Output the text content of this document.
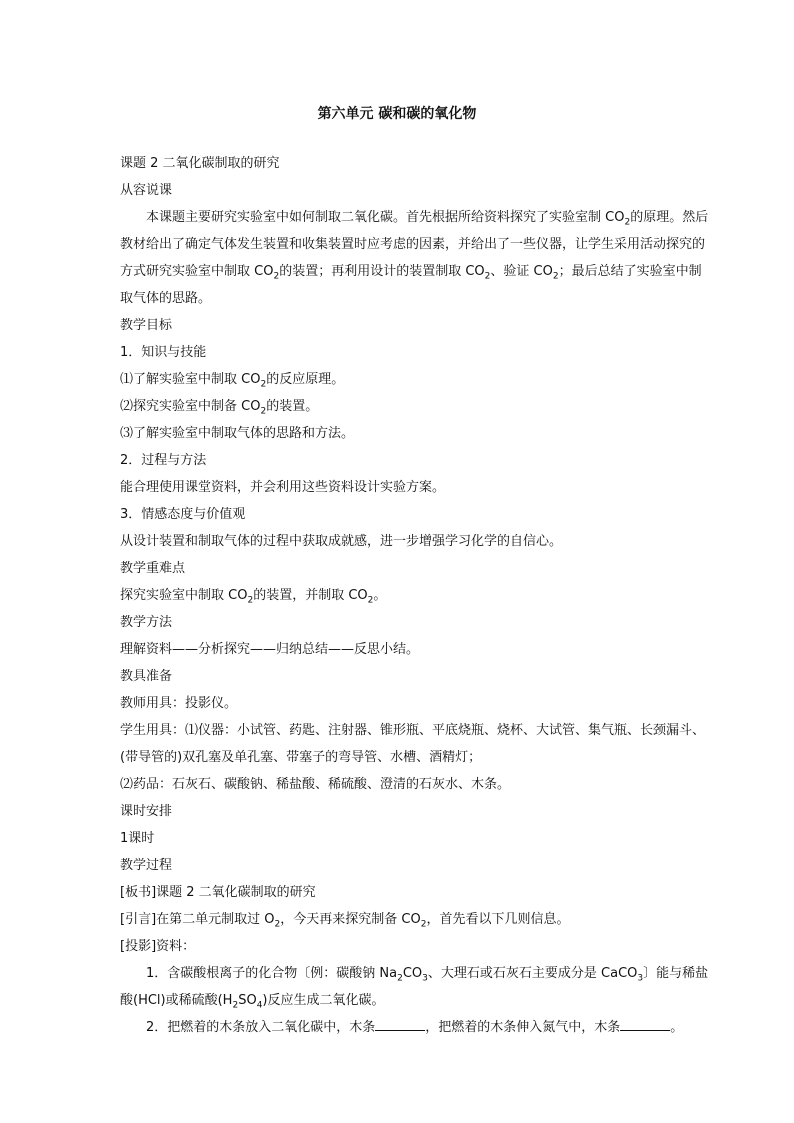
第六单元 碳和碳的氧化物

课题 2 二氧化碳制取的研究

从容说课

本课题主要研究实验室中如何制取二氧化碳。首先根据所给资料探究了实验室制 $CO_2$的原理。然后教材给出了确定气体发生装置和收集装置时应考虑的因素，并给出了一些仪器，让学生采用活动探究的方式研究实验室中制取 $CO_2$的装置；再利用设计的装置制取 $CO_2$、验证 $CO_2$；最后总结了实验室中制取气体的思路。

教学目标

1．知识与技能

⑴了解实验室中制取 $CO_2$的反应原理。

⑵探究实验室中制备 $CO_2$的装置。

⑶了解实验室中制取气体的思路和方法。

2．过程与方法

能合理使用课堂资料，并会利用这些资料设计实验方案。

3．情感态度与价值观

从设计装置和制取气体的过程中获取成就感，进一步增强学习化学的自信心。

教学重难点

探究实验室中制取 $CO_2$的装置，并制取 $CO_2$。

教学方法

理解资料——分析探究——归纳总结——反思小结。

教具准备

教师用具：投影仪。

学生用具：⑴仪器：小试管、药匙、注射器、锥形瓶、平底烧瓶、烧杯、大试管、集气瓶、长颈漏斗、(带导管的)双孔塞及单孔塞、带塞子的弯导管、水槽、酒精灯；

⑵药品：石灰石、碳酸钠、稀盐酸、稀硫酸、澄清的石灰水、木条。

课时安排

1课时

教学过程

[板书]课题 2 二氧化碳制取的研究

[引言]在第二单元制取过 $O_2$，今天再来探究制备 $CO_2$，首先看以下几则信息。

[投影]资料：

1．含碳酸根离子的化合物〔例：碳酸钠 $Na_2CO_3$、大理石或石灰石主要成分是 CaCO$_3$〕能与稀盐酸(HCl)或稀硫酸$(H_2SO_4)$反应生成二氧化碳。

2．把燃着的木条放入二氧化碳中，木条	，把燃着的木条伸入氮气中，木条	。
